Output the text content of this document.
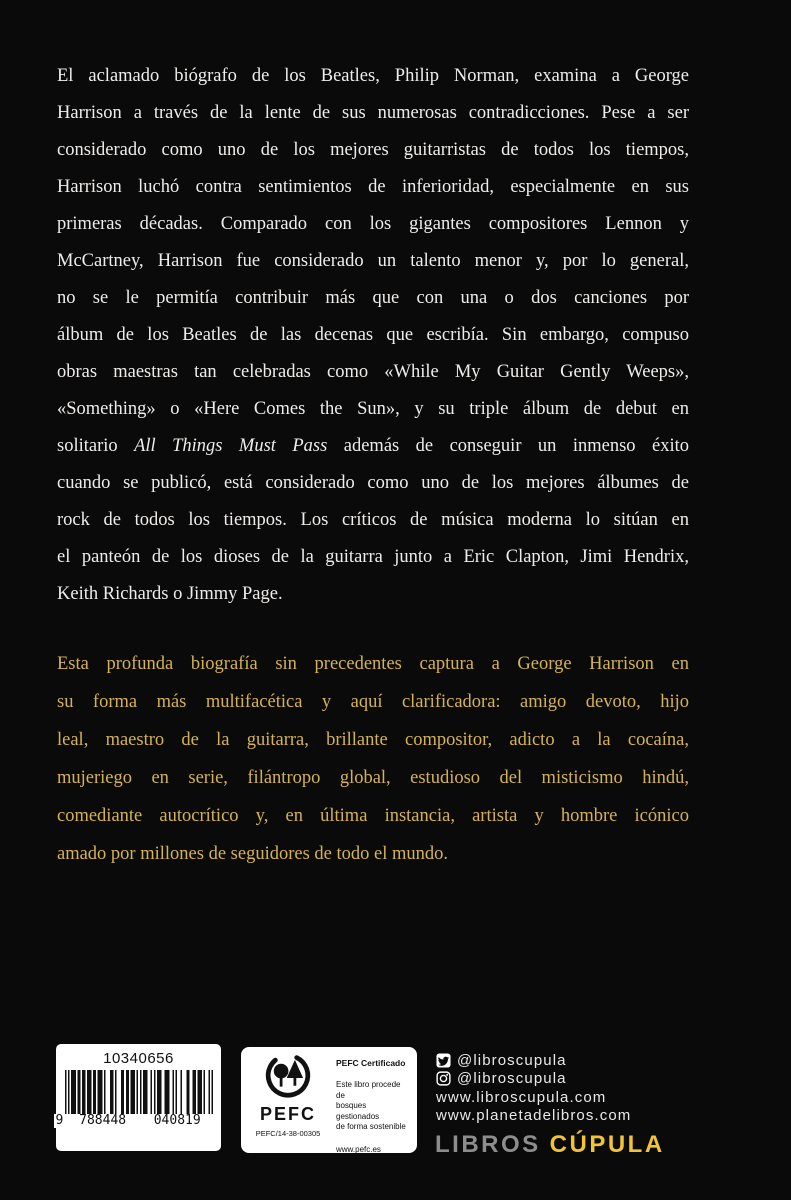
El aclamado biógrafo de los Beatles, Philip Norman, examina a George
Harrison a través de la lente de sus numerosas contradicciones. Pese a ser
considerado como uno de los mejores guitarristas de todos los tiempos,
Harrison luchó contra sentimientos de inferioridad, especialmente en sus
primeras décadas. Comparado con los gigantes compositores Lennon y
McCartney, Harrison fue considerado un talento menor y, por lo general,
no se le permitía contribuir más que con una o dos canciones por
álbum de los Beatles de las decenas que escribía. Sin embargo, compuso
obras maestras tan celebradas como «While My Guitar Gently Weeps»,
«Something» o «Here Comes the Sun», y su triple álbum de debut en
solitario All Things Must Pass además de conseguir un inmenso éxito
cuando se publicó, está considerado como uno de los mejores álbumes de
rock de todos los tiempos. Los críticos de música moderna lo sitúan en
el panteón de los dioses de la guitarra junto a Eric Clapton, Jimi Hendrix,
Keith Richards o Jimmy Page.
Esta profunda biografía sin precedentes captura a George Harrison en
su forma más multifacética y aquí clarificadora: amigo devoto, hijo
leal, maestro de la guitarra, brillante compositor, adicto a la cocaína,
mujeriego en serie, filántropo global, estudioso del misticismo hindú,
comediante autocrítico y, en última instancia, artista y hombre icónico
amado por millones de seguidores de todo el mundo.
10340656
9	788448	040819	PEFC
PEFC/14-38-00305
PEFC Certificado
Este libro procede de
bosques gestionados
de forma sostenible
www.pefc.es
@libroscupula
@libroscupula
www.libroscupula.com
www.planetadelibros.com
LIBROS CÚPULA
